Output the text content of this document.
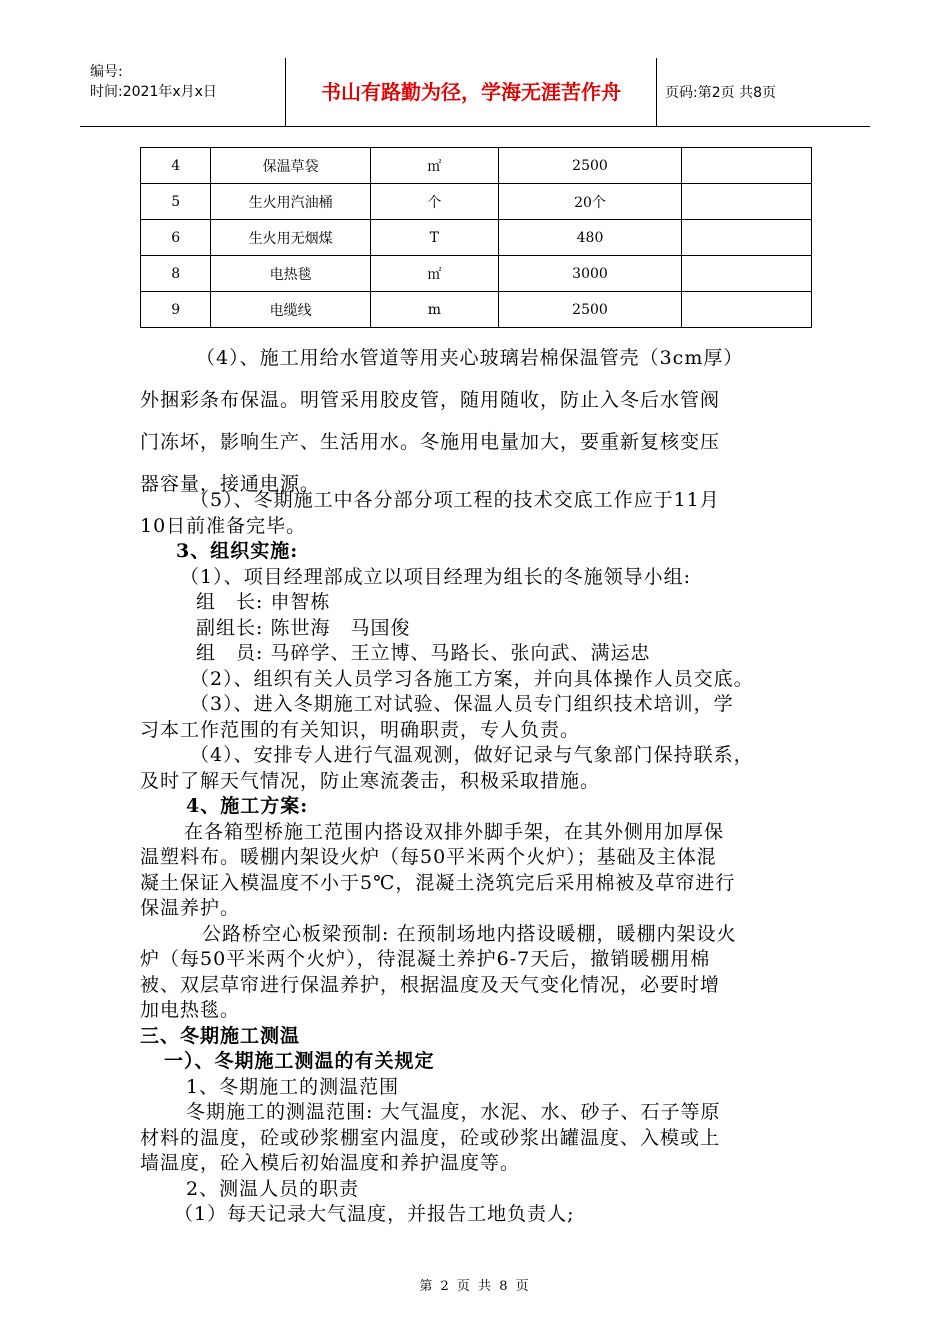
编号:
时间:2021年x月x日	书山有路勤为径，学海无涯苦作舟	页码:第2页 共8页
4	保温草袋	㎡	2500	
5	生火用汽油桶	个	20个	
6	生火用无烟煤	T	480	
8	电热毯	㎡	3000	
9	电缆线	m	2500	
（4）、施工用给水管道等用夹心玻璃岩棉保温管壳（3cm厚）
外捆彩条布保温。明管采用胶皮管，随用随收，防止入冬后水管阀
门冻坏，影响生产、生活用水。冬施用电量加大，要重新复核变压
器容量，接通电源。
（5）、冬期施工中各分部分项工程的技术交底工作应于11月
10日前准备完毕。
3、组织实施:
（1）、项目经理部成立以项目经理为组长的冬施领导小组:
组　长: 申智栋
副组长: 陈世海　马国俊
组　员: 马碎学、王立博、马路长、张向武、满运忠
（2）、组织有关人员学习各施工方案，并向具体操作人员交底。
（3）、进入冬期施工对试验、保温人员专门组织技术培训，学
习本工作范围的有关知识，明确职责，专人负责。
（4）、安排专人进行气温观测，做好记录与气象部门保持联系，
及时了解天气情况，防止寒流袭击，积极采取措施。
4、施工方案:
在各箱型桥施工范围内搭设双排外脚手架，在其外侧用加厚保
温塑料布。暖棚内架设火炉（每50平米两个火炉）；基础及主体混
凝土保证入模温度不小于5℃，混凝土浇筑完后采用棉被及草帘进行
保温养护。
公路桥空心板梁预制: 在预制场地内搭设暖棚，暖棚内架设火
炉（每50平米两个火炉），待混凝土养护6-7天后，撤销暖棚用棉
被、双层草帘进行保温养护，根据温度及天气变化情况，必要时增
加电热毯。
三、冬期施工测温
一）、冬期施工测温的有关规定
1、冬期施工的测温范围
冬期施工的测温范围: 大气温度，水泥、水、砂子、石子等原
材料的温度，砼或砂浆棚室内温度，砼或砂浆出罐温度、入模或上
墙温度，砼入模后初始温度和养护温度等。
2、测温人员的职责
（1）每天记录大气温度，并报告工地负责人;
第 2 页 共 8 页
